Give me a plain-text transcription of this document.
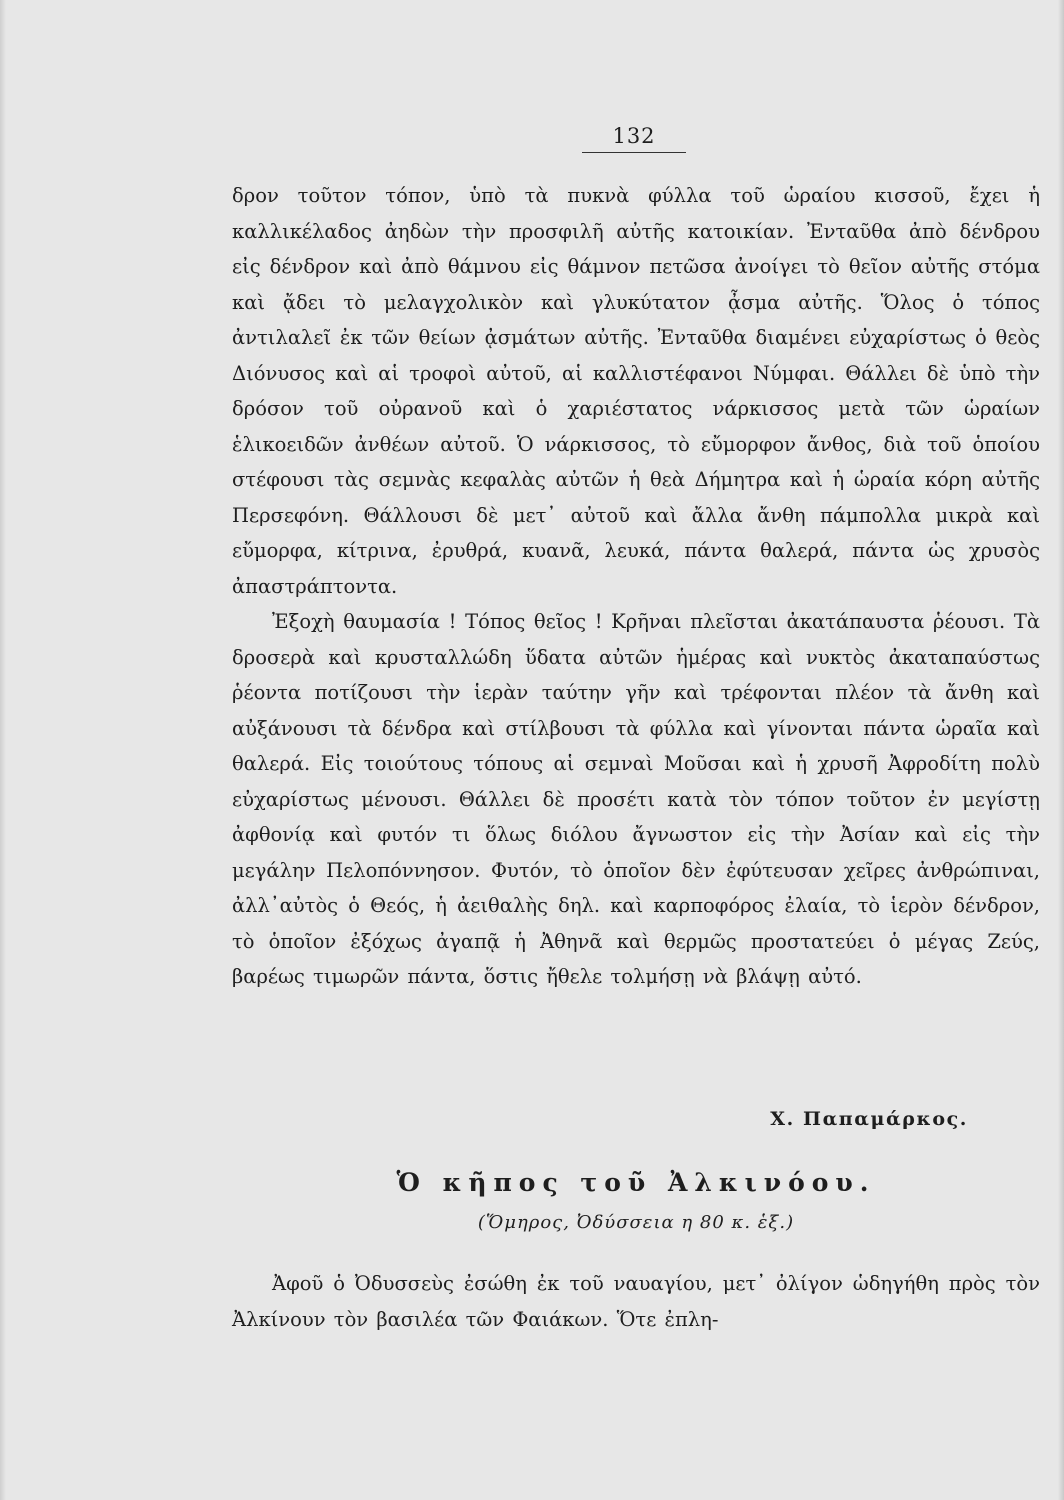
132

δρον τοῦτον τόπον, ὑπὸ τὰ πυκνὰ φύλλα τοῦ ὡραίου κισσοῦ, ἔχει ἡ καλλικέλαδος ἀηδὼν τὴν προσφιλῆ αὐτῆς κατοικίαν. Ἐνταῦθα ἀπὸ δένδρου εἰς δένδρον καὶ ἀπὸ θάμνου εἰς θάμνον πετῶσα ἀνοίγει τὸ θεῖον αὐτῆς στόμα καὶ ᾄδει τὸ μελαγχολικὸν καὶ γλυκύτατον ᾆσμα αὐτῆς. Ὅλος ὁ τόπος ἀντιλαλεῖ ἐκ τῶν θείων ᾀσμάτων αὐτῆς. Ἐνταῦθα διαμένει εὐχαρίστως ὁ θεὸς Διόνυσος καὶ αἱ τροφοὶ αὐτοῦ, αἱ καλλιστέφανοι Νύμφαι. Θάλλει δὲ ὑπὸ τὴν δρόσον τοῦ οὐρανοῦ καὶ ὁ χαριέστατος νάρκισσος μετὰ τῶν ὡραίων ἑλικοειδῶν ἀνθέων αὐτοῦ. Ὁ νάρκισσος, τὸ εὔμορφον ἄνθος, διὰ τοῦ ὁποίου στέφουσι τὰς σεμνὰς κεφαλὰς αὐτῶν ἡ θεὰ Δήμητρα καὶ ἡ ὡραία κόρη αὐτῆς Περσεφόνη. Θάλλουσι δὲ μετ᾽ αὐτοῦ καὶ ἄλλα ἄνθη πάμπολλα μικρὰ καὶ εὔμορφα, κίτρινα, ἐρυθρά, κυανᾶ, λευκά, πάντα θαλερά, πάντα ὡς χρυσὸς ἀπαστράπτοντα.

Ἐξοχὴ θαυμασία ! Τόπος θεῖος ! Κρῆναι πλεῖσται ἀκατάπαυστα ῥέουσι. Τὰ δροσερὰ καὶ κρυσταλλώδη ὕδατα αὐτῶν ἡμέρας καὶ νυκτὸς ἀκαταπαύστως ῥέοντα ποτίζουσι τὴν ἱερὰν ταύτην γῆν καὶ τρέφονται πλέον τὰ ἄνθη καὶ αὐξάνουσι τὰ δένδρα καὶ στίλβουσι τὰ φύλλα καὶ γίνονται πάντα ὡραῖα καὶ θαλερά. Εἰς τοιούτους τόπους αἱ σεμναὶ Μοῦσαι καὶ ἡ χρυσῆ Ἀφροδίτη πολὺ εὐχαρίστως μένουσι. Θάλλει δὲ προσέτι κατὰ τὸν τόπον τοῦτον ἐν μεγίστῃ ἀφθονίᾳ καὶ φυτόν τι ὅλως διόλου ἄγνωστον εἰς τὴν Ἀσίαν καὶ εἰς τὴν μεγάλην Πελοπόννησον. Φυτόν, τὸ ὁποῖον δὲν ἐφύτευσαν χεῖρες ἀνθρώπιναι, ἀλλ᾽αὐτὸς ὁ Θεός, ἡ ἀειθαλὴς δηλ. καὶ καρποφόρος ἐλαία, τὸ ἱερὸν δένδρον, τὸ ὁποῖον ἐξόχως ἀγαπᾷ ἡ Ἀθηνᾶ καὶ θερμῶς προστατεύει ὁ μέγας Ζεύς, βαρέως τιμωρῶν πάντα, ὅστις ἤθελε τολμήσῃ νὰ βλάψῃ αὐτό.

Χ. Παπαμάρκος.
Ὁ κῆπος τοῦ Ἀλκινόου.
(Ὅμηρος, Ὀδύσσεια η 80 κ. ἑξ.)

Ἀφοῦ ὁ Ὀδυσσεὺς ἐσώθη ἐκ τοῦ ναυαγίου, μετ᾽ ὀλίγον ὡδηγήθη πρὸς τὸν Ἀλκίνουν τὸν βασιλέα τῶν Φαιάκων. Ὅτε ἐπλη-
